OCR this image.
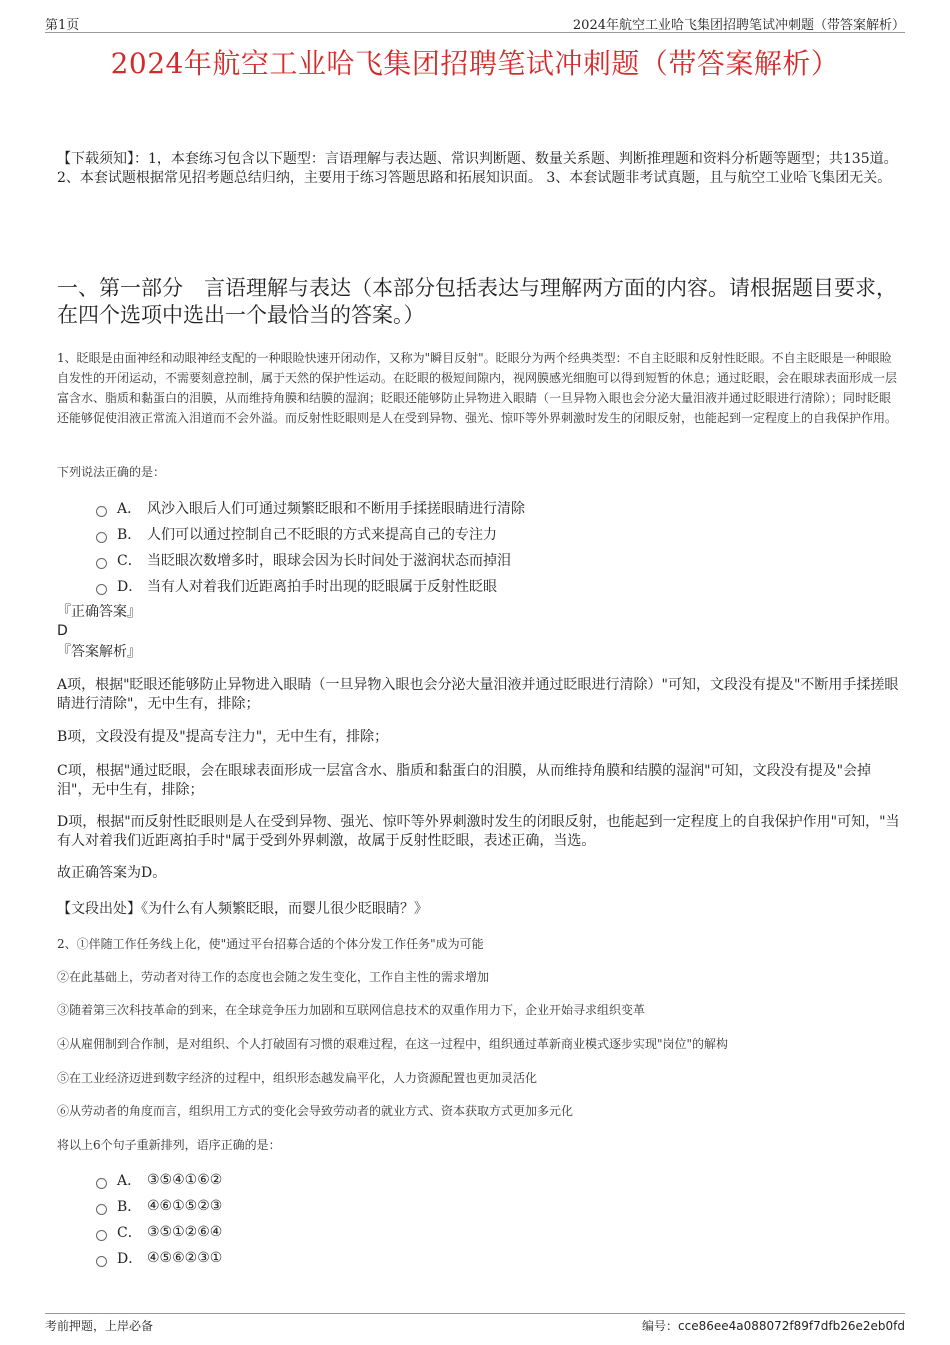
第1页	2024年航空工业哈飞集团招聘笔试冲刺题（带答案解析）
2024年航空工业哈飞集团招聘笔试冲刺题（带答案解析）
【下载须知】：1，本套练习包含以下题型：言语理解与表达题、常识判断题、数量关系题、判断推理题和资料分析题等题型；共135道。 2、本套试题根据常见招考题总结归纳，主要用于练习答题思路和拓展知识面。 3、本套试题非考试真题，且与航空工业哈飞集团无关。
一、第一部分　言语理解与表达（本部分包括表达与理解两方面的内容。请根据题目要求，在四个选项中选出一个最恰当的答案。）
1、眨眼是由面神经和动眼神经支配的一种眼睑快速开闭动作，又称为"瞬目反射"。眨眼分为两个经典类型：不自主眨眼和反射性眨眼。不自主眨眼是一种眼睑自发性的开闭运动，不需要刻意控制，属于天然的保护性运动。在眨眼的极短间隙内，视网膜感光细胞可以得到短暂的休息；通过眨眼，会在眼球表面形成一层富含水、脂质和黏蛋白的泪膜，从而维持角膜和结膜的湿润；眨眼还能够防止异物进入眼睛（一旦异物入眼也会分泌大量泪液并通过眨眼进行清除）；同时眨眼还能够促使泪液正常流入泪道而不会外溢。而反射性眨眼则是人在受到异物、强光、惊吓等外界刺激时发生的闭眼反射，也能起到一定程度上的自我保护作用。
下列说法正确的是：
A． 风沙入眼后人们可通过频繁眨眼和不断用手揉搓眼睛进行清除
B． 人们可以通过控制自己不眨眼的方式来提高自己的专注力
C． 当眨眼次数增多时，眼球会因为长时间处于滋润状态而掉泪
D． 当有人对着我们近距离拍手时出现的眨眼属于反射性眨眼
『正确答案』
D
『答案解析』

A项，根据"眨眼还能够防止异物进入眼睛（一旦异物入眼也会分泌大量泪液并通过眨眼进行清除）"可知，文段没有提及"不断用手揉搓眼睛进行清除"，无中生有，排除；

B项，文段没有提及"提高专注力"，无中生有，排除；

C项，根据"通过眨眼，会在眼球表面形成一层富含水、脂质和黏蛋白的泪膜，从而维持角膜和结膜的湿润"可知，文段没有提及"会掉泪"，无中生有，排除；

D项，根据"而反射性眨眼则是人在受到异物、强光、惊吓等外界刺激时发生的闭眼反射，也能起到一定程度上的自我保护作用"可知，"当有人对着我们近距离拍手时"属于受到外界刺激，故属于反射性眨眼，表述正确，当选。

故正确答案为D。

【文段出处】《为什么有人频繁眨眼，而婴儿很少眨眼睛？》

2、①伴随工作任务线上化，使"通过平台招募合适的个体分发工作任务"成为可能
②在此基础上，劳动者对待工作的态度也会随之发生变化，工作自主性的需求增加
③随着第三次科技革命的到来，在全球竞争压力加剧和互联网信息技术的双重作用力下，企业开始寻求组织变革
④从雇佣制到合作制，是对组织、个人打破固有习惯的艰难过程，在这一过程中，组织通过革新商业模式逐步实现"岗位"的解构
⑤在工业经济迈进到数字经济的过程中，组织形态越发扁平化，人力资源配置也更加灵活化
⑥从劳动者的角度而言，组织用工方式的变化会导致劳动者的就业方式、资本获取方式更加多元化
将以上6个句子重新排列，语序正确的是：
A． ③⑤④①⑥②
B． ④⑥①⑤②③
C． ③⑤①②⑥④
D． ④⑤⑥②③①
考前押题，上岸必备	编号：cce86ee4a088072f89f7dfb26e2eb0fd
